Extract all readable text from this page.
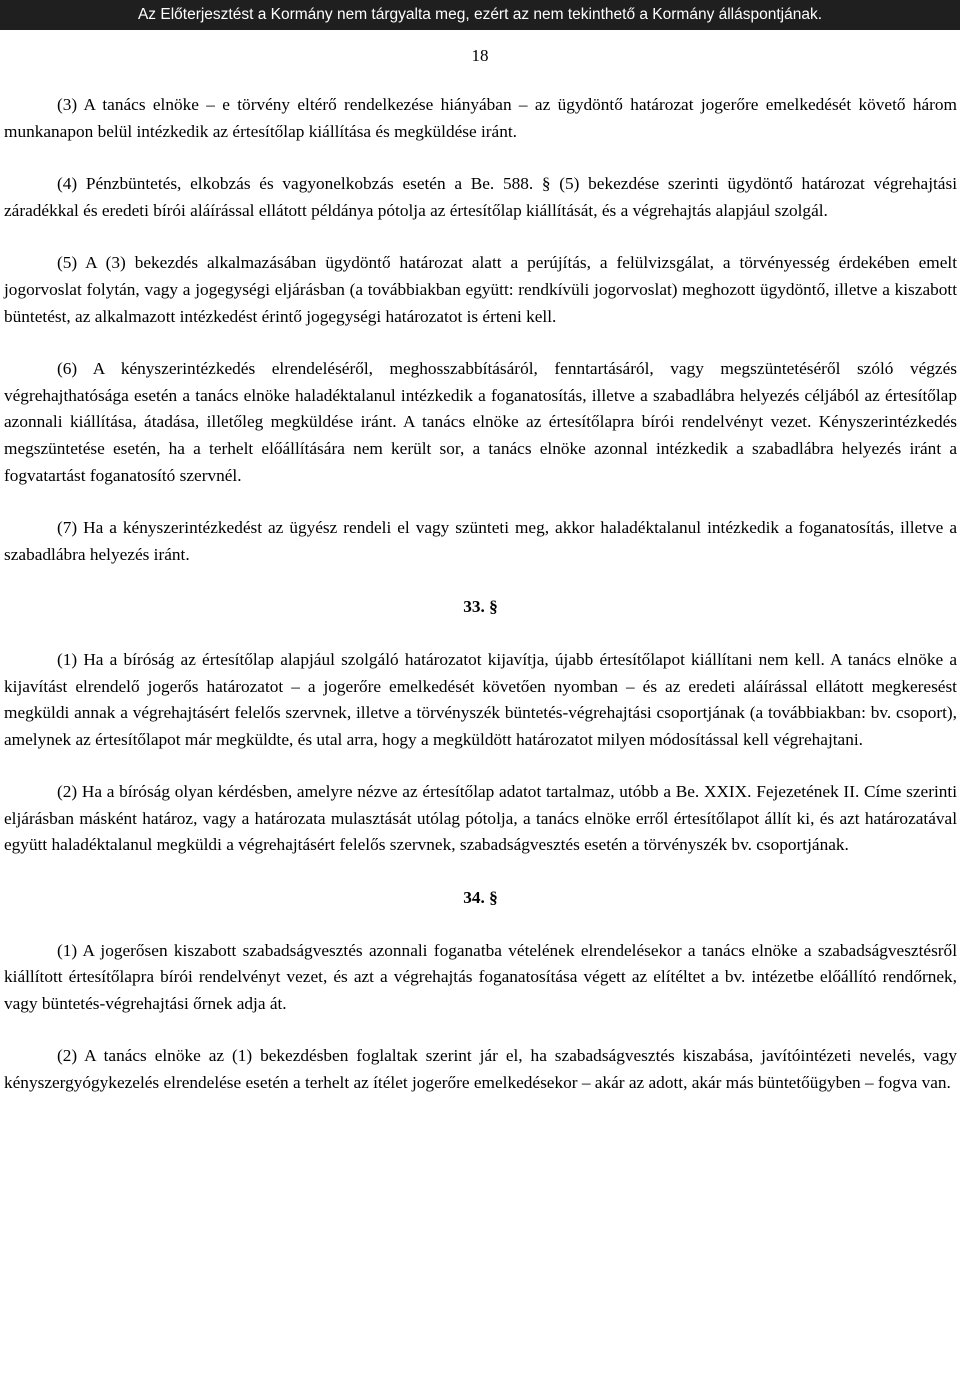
Az Előterjesztést a Kormány nem tárgyalta meg, ezért az nem tekinthető a Kormány álláspontjának.
18

(3) A tanács elnöke – e törvény eltérő rendelkezése hiányában – az ügydöntő határozat jogerőre emelkedését követő három munkanapon belül intézkedik az értesítőlap kiállítása és megküldése iránt.

(4) Pénzbüntetés, elkobzás és vagyonelkobzás esetén a Be. 588. § (5) bekezdése szerinti ügydöntő határozat végrehajtási záradékkal és eredeti bírói aláírással ellátott példánya pótolja az értesítőlap kiállítását, és a végrehajtás alapjául szolgál.

(5) A (3) bekezdés alkalmazásában ügydöntő határozat alatt a perújítás, a felülvizsgálat, a törvényesség érdekében emelt jogorvoslat folytán, vagy a jogegységi eljárásban (a továbbiakban együtt: rendkívüli jogorvoslat) meghozott ügydöntő, illetve a kiszabott büntetést, az alkalmazott intézkedést érintő jogegységi határozatot is érteni kell.

(6) A kényszerintézkedés elrendeléséről, meghosszabbításáról, fenntartásáról, vagy megszüntetéséről szóló végzés végrehajthatósága esetén a tanács elnöke haladéktalanul intézkedik a foganatosítás, illetve a szabadlábra helyezés céljából az értesítőlap azonnali kiállítása, átadása, illetőleg megküldése iránt. A tanács elnöke az értesítőlapra bírói rendelvényt vezet. Kényszerintézkedés megszüntetése esetén, ha a terhelt előállítására nem került sor, a tanács elnöke azonnal intézkedik a szabadlábra helyezés iránt a fogvatartást foganatosító szervnél.

(7) Ha a kényszerintézkedést az ügyész rendeli el vagy szünteti meg, akkor haladéktalanul intézkedik a foganatosítás, illetve a szabadlábra helyezés iránt.

33. §

(1) Ha a bíróság az értesítőlap alapjául szolgáló határozatot kijavítja, újabb értesítőlapot kiállítani nem kell. A tanács elnöke a kijavítást elrendelő jogerős határozatot – a jogerőre emelkedését követően nyomban – és az eredeti aláírással ellátott megkeresést megküldi annak a végrehajtásért felelős szervnek, illetve a törvényszék büntetés-végrehajtási csoportjának (a továbbiakban: bv. csoport), amelynek az értesítőlapot már megküldte, és utal arra, hogy a megküldött határozatot milyen módosítással kell végrehajtani.

(2) Ha a bíróság olyan kérdésben, amelyre nézve az értesítőlap adatot tartalmaz, utóbb a Be. XXIX. Fejezetének II. Címe szerinti eljárásban másként határoz, vagy a határozata mulasztását utólag pótolja, a tanács elnöke erről értesítőlapot állít ki, és azt határozatával együtt haladéktalanul megküldi a végrehajtásért felelős szervnek, szabadságvesztés esetén a törvényszék bv. csoportjának.

34. §

(1) A jogerősen kiszabott szabadságvesztés azonnali foganatba vételének elrendelésekor a tanács elnöke a szabadságvesztésről kiállított értesítőlapra bírói rendelvényt vezet, és azt a végrehajtás foganatosítása végett az elítéltet a bv. intézetbe előállító rendőrnek, vagy büntetés-végrehajtási őrnek adja át.

(2) A tanács elnöke az (1) bekezdésben foglaltak szerint jár el, ha szabadságvesztés kiszabása, javítóintézeti nevelés, vagy kényszergyógykezelés elrendelése esetén a terhelt az ítélet jogerőre emelkedésekor – akár az adott, akár más büntetőügyben – fogva van.
